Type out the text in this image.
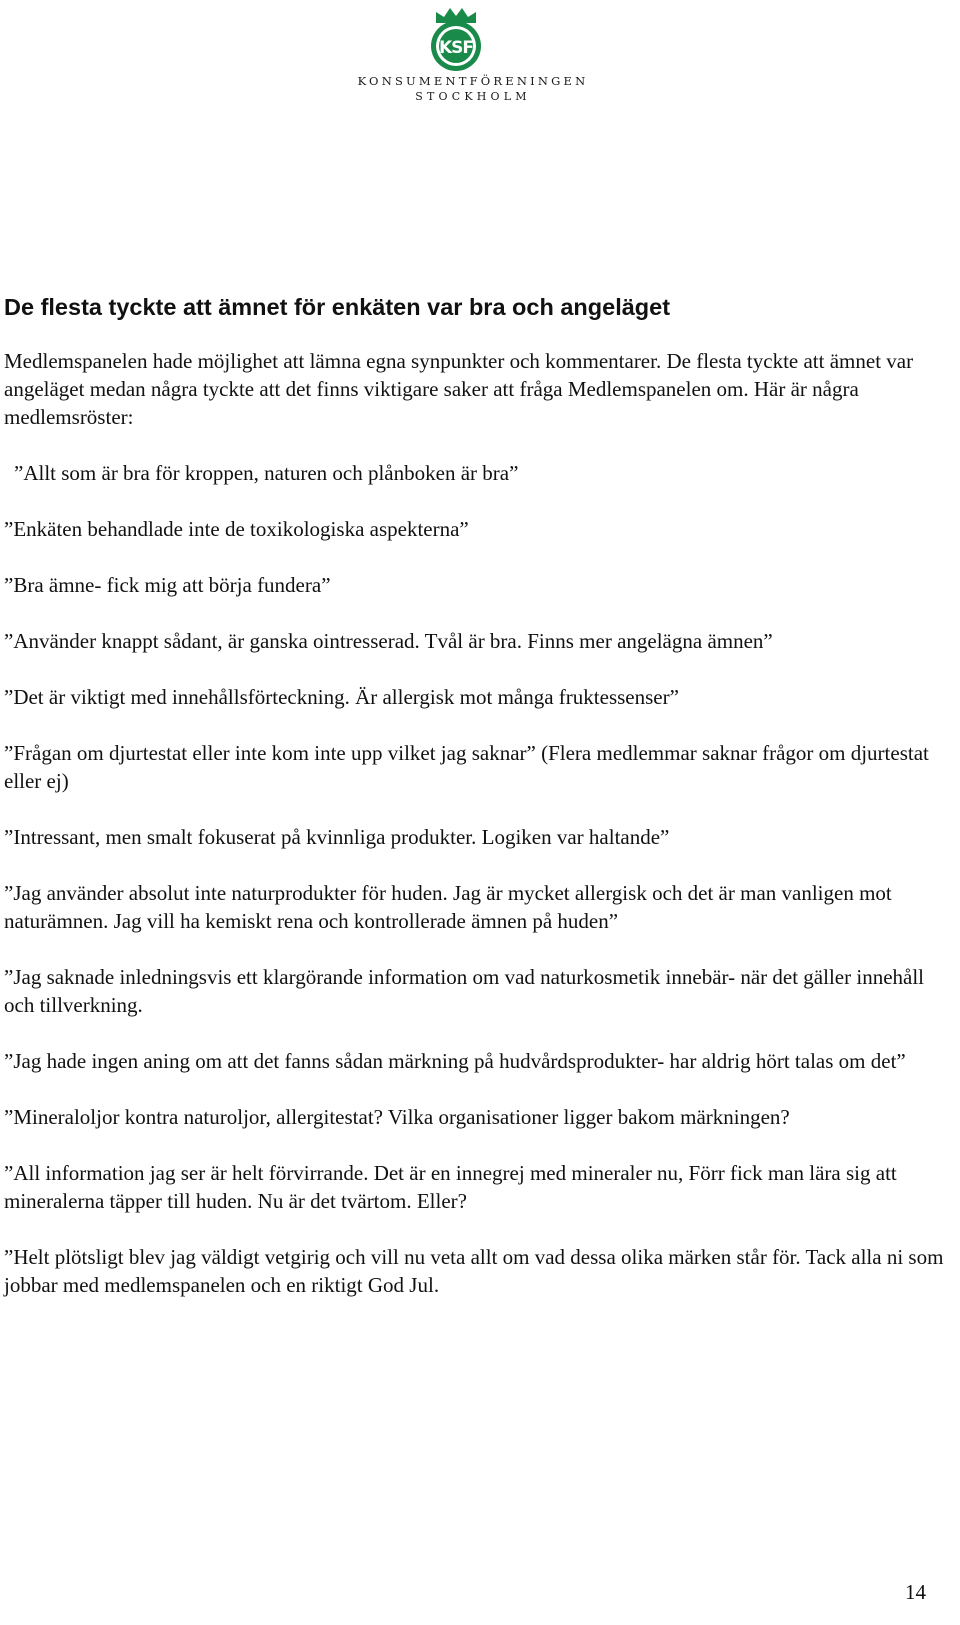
KSF
KONSUMENTFÖRENINGEN
STOCKHOLM
De flesta tyckte att ämnet för enkäten var bra och angeläget

Medlemspanelen hade möjlighet att lämna egna synpunkter och kommentarer. De flesta tyckte att ämnet var angeläget medan några tyckte att det finns viktigare saker att fråga Medlemspanelen om. Här är några medlemsröster:

”Allt som är bra för kroppen, naturen och plånboken är bra”

”Enkäten behandlade inte de toxikologiska aspekterna”

”Bra ämne- fick mig att börja fundera”

”Använder knappt sådant, är ganska ointresserad. Tvål är bra. Finns mer angelägna ämnen”

”Det är viktigt med innehållsförteckning. Är allergisk mot många fruktessenser”

”Frågan om djurtestat eller inte kom inte upp vilket jag saknar” (Flera medlemmar saknar frågor om djurtestat eller ej)

”Intressant, men smalt fokuserat på kvinnliga produkter. Logiken var haltande”

”Jag använder absolut inte naturprodukter för huden. Jag är mycket allergisk och det är man vanligen mot naturämnen. Jag vill ha kemiskt rena och kontrollerade ämnen på huden”

”Jag saknade inledningsvis ett klargörande information om vad naturkosmetik innebär- när det gäller innehåll och tillverkning.

”Jag hade ingen aning om att det fanns sådan märkning på hudvårdsprodukter- har aldrig hört talas om det”

”Mineraloljor kontra naturoljor, allergitestat? Vilka organisationer ligger bakom märkningen?

”All information jag ser är helt förvirrande. Det är en innegrej med mineraler nu, Förr fick man lära sig att mineralerna täpper till huden. Nu är det tvärtom. Eller?

”Helt plötsligt blev jag väldigt vetgirig och vill nu veta allt om vad dessa olika märken står för. Tack alla ni som jobbar med medlemspanelen och en riktigt God Jul.

14
